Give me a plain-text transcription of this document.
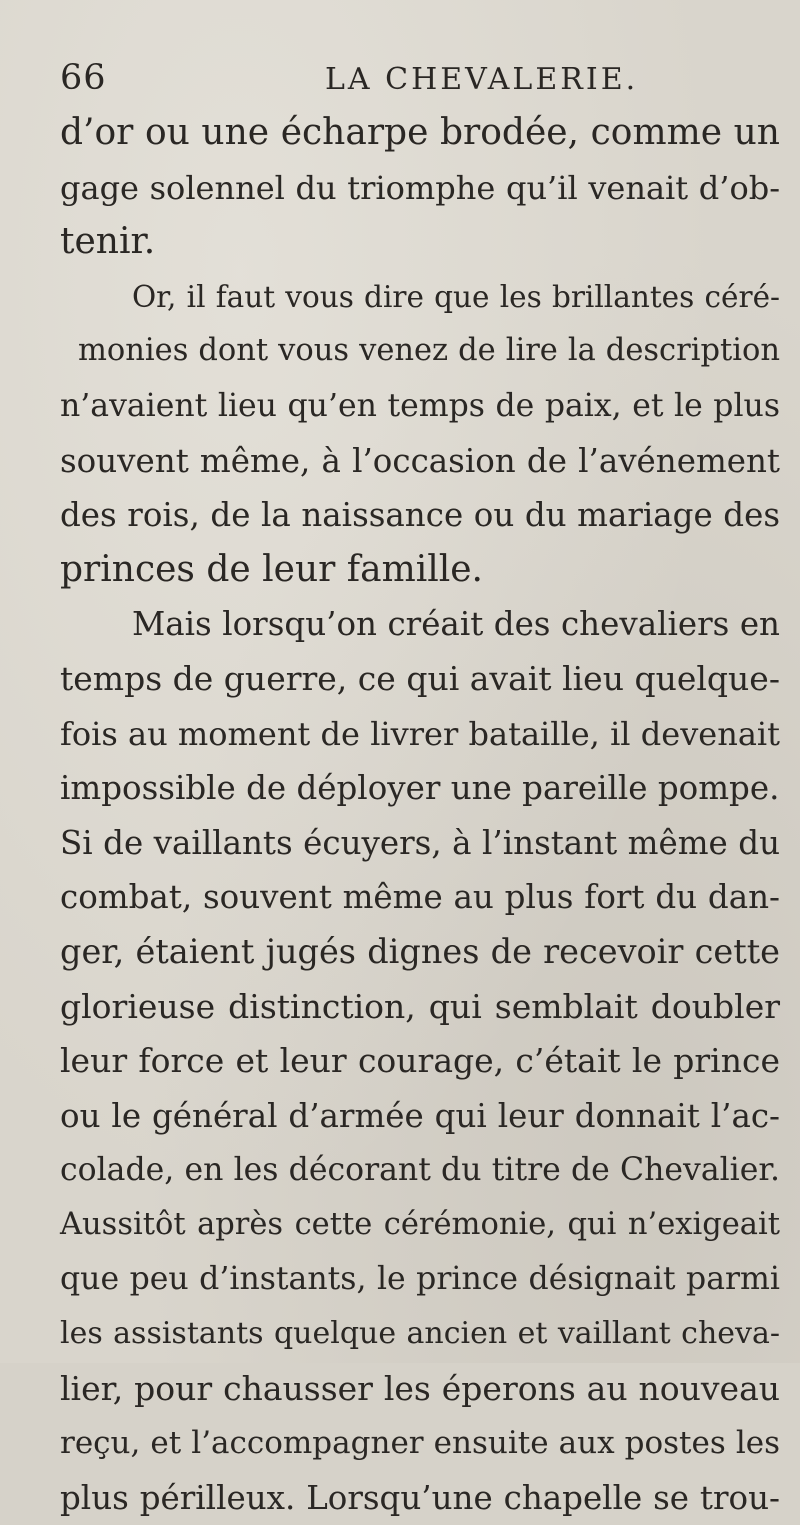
66	LA CHEVALERIE.
d’or ou une écharpe brodée, comme un
gage solennel du triomphe qu’il venait d’ob-
tenir.
Or, il faut vous dire que les brillantes céré-
monies dont vous venez de lire la description
n’avaient lieu qu’en temps de paix, et le plus
souvent même, à l’occasion de l’avénement
des rois, de la naissance ou du mariage des
princes de leur famille.
Mais lorsqu’on créait des chevaliers en
temps de guerre, ce qui avait lieu quelque-
fois au moment de livrer bataille, il devenait
impossible de déployer une pareille pompe.
Si de vaillants écuyers, à l’instant même du
combat, souvent même au plus fort du dan-
ger, étaient jugés dignes de recevoir cette
glorieuse distinction, qui semblait doubler
leur force et leur courage, c’était le prince
ou le général d’armée qui leur donnait l’ac-
colade, en les décorant du titre de Chevalier.
Aussitôt après cette cérémonie, qui n’exigeait
que peu d’instants, le prince désignait parmi
les assistants quelque ancien et vaillant cheva-
lier, pour chausser les éperons au nouveau
reçu, et l’accompagner ensuite aux postes les
plus périlleux. Lorsqu’une chapelle se trou-
